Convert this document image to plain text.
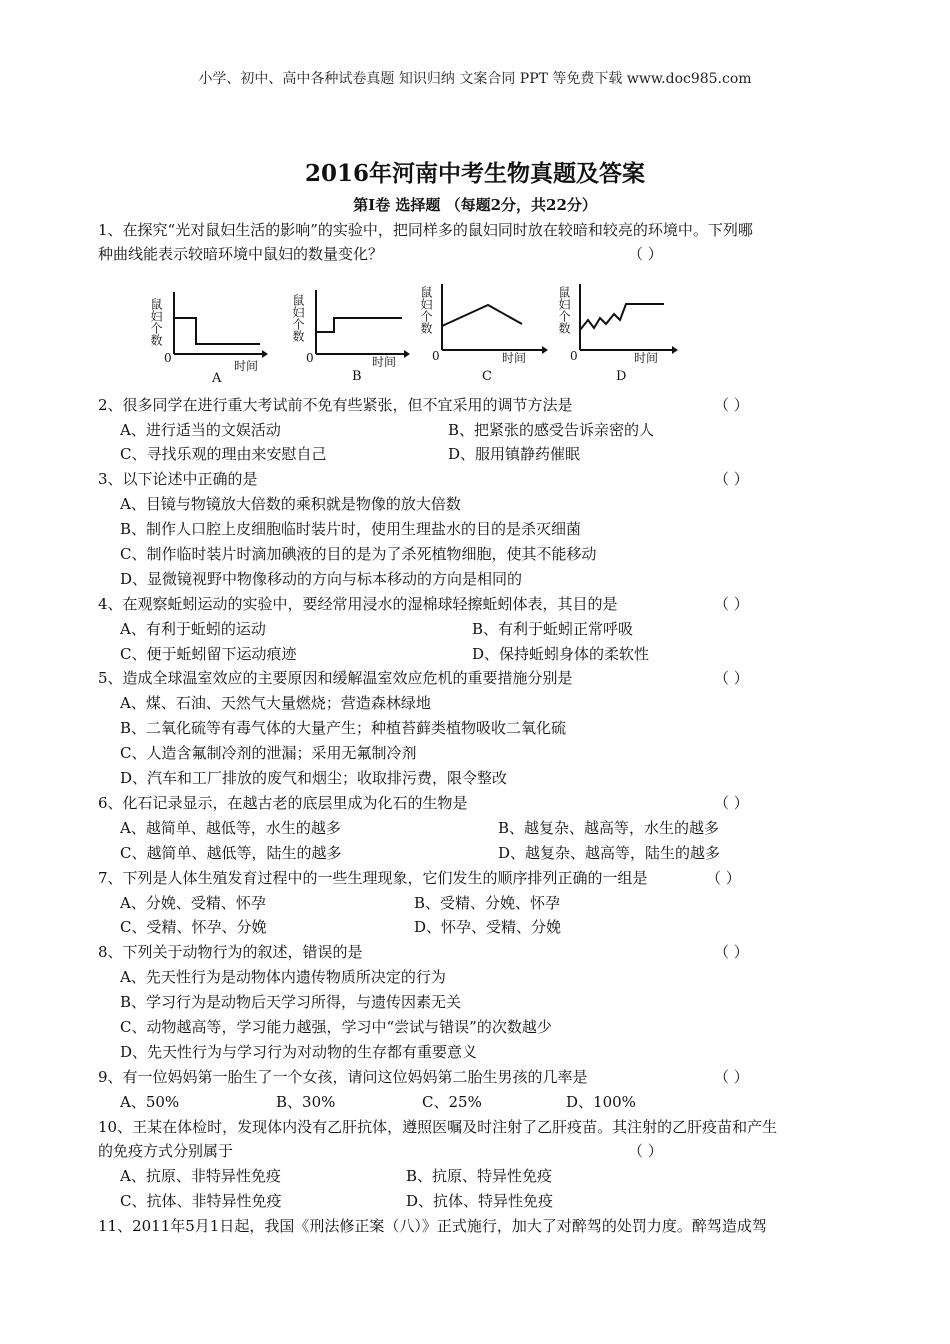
小学、初中、高中各种试卷真题 知识归纳 文案合同 PPT 等免费下载 www.doc985.com
2016年河南中考生物真题及答案
第Ⅰ卷 选择题 （每题2分，共22分）
1、在探究“光对鼠妇生活的影响”的实验中，把同样多的鼠妇同时放在较暗和较亮的环境中。下列哪
种曲线能表示较暗环境中鼠妇的数量变化？	（ ）
鼠妇个数
0
时间
A
鼠妇个数
0	时间
B
鼠妇个数
0	时间
C
鼠妇个数
0	时间
D
2、很多同学在进行重大考试前不免有些紧张，但不宜采用的调节方法是	（ ）
A、进行适当的文娱活动	B、把紧张的感受告诉亲密的人
C、寻找乐观的理由来安慰自己	D、服用镇静药催眠
3、以下论述中正确的是	（ ）
A、目镜与物镜放大倍数的乘积就是物像的放大倍数
B、制作人口腔上皮细胞临时装片时，使用生理盐水的目的是杀灭细菌
C、制作临时装片时滴加碘液的目的是为了杀死植物细胞，使其不能移动
D、显微镜视野中物像移动的方向与标本移动的方向是相同的
4、在观察蚯蚓运动的实验中，要经常用浸水的湿棉球轻擦蚯蚓体表，其目的是	（ ）
A、有利于蚯蚓的运动	B、有利于蚯蚓正常呼吸
C、便于蚯蚓留下运动痕迹	D、保持蚯蚓身体的柔软性
5、造成全球温室效应的主要原因和缓解温室效应危机的重要措施分别是	（ ）
A、煤、石油、天然气大量燃烧；营造森林绿地
B、二氧化硫等有毒气体的大量产生；种植苔藓类植物吸收二氧化硫
C、人造含氟制冷剂的泄漏；采用无氟制冷剂
D、汽车和工厂排放的废气和烟尘；收取排污费，限令整改
6、化石记录显示，在越古老的底层里成为化石的生物是	（ ）
A、越简单、越低等，水生的越多	B、越复杂、越高等，水生的越多
C、越简单、越低等，陆生的越多	D、越复杂、越高等，陆生的越多
7、下列是人体生殖发育过程中的一些生理现象，它们发生的顺序排列正确的一组是	（ ）
A、分娩、受精、怀孕	B、受精、分娩、怀孕
C、受精、怀孕、分娩	D、怀孕、受精、分娩
8、下列关于动物行为的叙述，错误的是	（ ）
A、先天性行为是动物体内遗传物质所决定的行为
B、学习行为是动物后天学习所得，与遗传因素无关
C、动物越高等，学习能力越强，学习中“尝试与错误”的次数越少
D、先天性行为与学习行为对动物的生存都有重要意义
9、有一位妈妈第一胎生了一个女孩，请问这位妈妈第二胎生男孩的几率是	（ ）
A、50%	B、30%	C、25%	D、100%
10、王某在体检时，发现体内没有乙肝抗体，遵照医嘱及时注射了乙肝疫苗。其注射的乙肝疫苗和产生
的免疫方式分别属于	（ ）
A、抗原、非特异性免疫	B、抗原、特异性免疫
C、抗体、非特异性免疫	D、抗体、特异性免疫
11、2011年5月1日起，我国《刑法修正案（八）》正式施行，加大了对醉驾的处罚力度。醉驾造成驾
